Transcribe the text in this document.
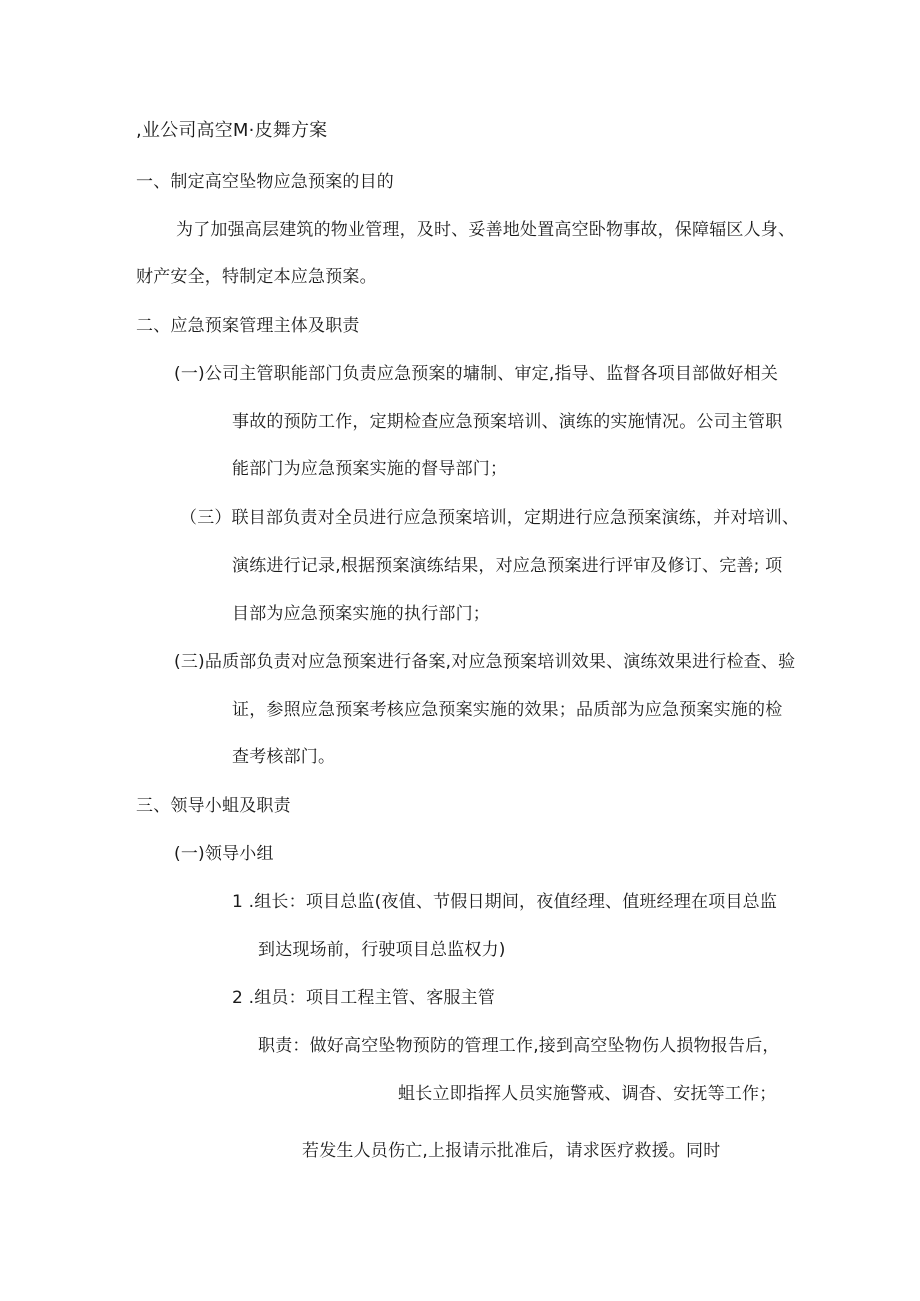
,业公司高空M·皮舞方案
一、制定高空坠物应急预案的目的
为了加强高层建筑的物业管理，及时、妥善地处置高空卧物事故，保障辐区人身、
财产安全，特制定本应急预案。
二、应急预案管理主体及职责
(一)公司主管职能部门负责应急预案的墉制、审定,指导、监督各项目部做好相关
事故的预防工作，定期检查应急预案培训、演练的实施情况。公司主管职
能部门为应急预案实施的督导部门；
（三）联目部负责对全员进行应急预案培训，定期进行应急预案演练，并对培训、
演练进行记录,根据预案演练结果，对应急预案进行评审及修订、完善; 项
目部为应急预案实施的执行部门；
(三)品质部负责对应急预案进行备案,对应急预案培训效果、演练效果进行检查、验
证，参照应急预案考核应急预案实施的效果；品质部为应急预案实施的检
查考核部门。
三、领导小蛆及职责
(一)领导小组
1 .组长：项目总监(夜值、节假日期间，夜值经理、值班经理在项目总监
到达现场前，行驶项目总监权力)
2 .组员：项目工程主管、客服主管
职责：做好高空坠物预防的管理工作,接到高空坠物伤人损物报告后，
蛆长立即指挥人员实施警戒、调杳、安抚等工作；
若发生人员伤亡,上报请示批准后，请求医疗救援。同时
